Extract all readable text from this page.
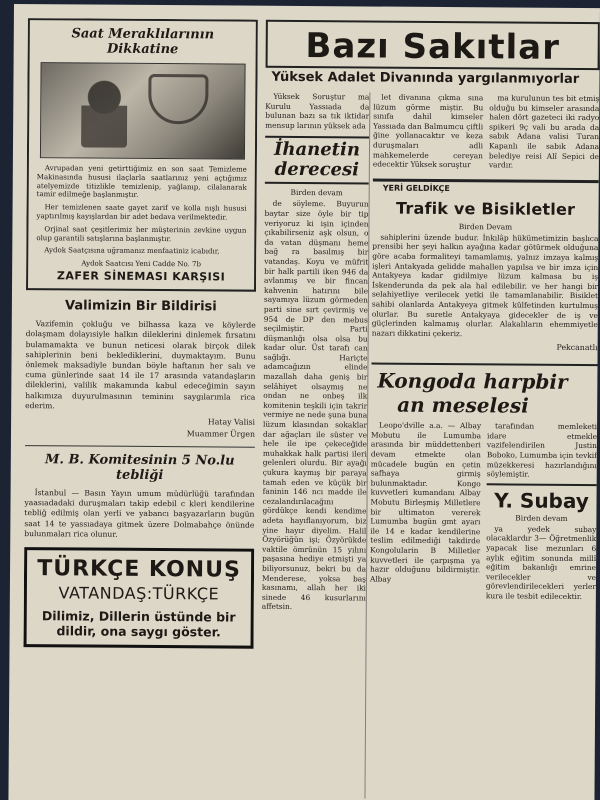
Saat Meraklılarının
Dikkatine

Avrupadan yeni getirttiğimiz en son saat Temizleme Makinasında hususi ilaçlarla saatlarınız yeni açtığımız atelyemizde titizlikle temizlenip, yağlanıp, cilalanarak tamir edilmeğe başlanmıştır.

Her temizlenen saate gayet zarif ve kolla nışlı hususi yaptırılmış kayışlardan bir adet bedava verilmektedir.

Orjinal saat çeşitlerimiz her müşterinin zevkine uygun olup garantili satışlarına başlanmıştır.

Aydok Saatçısına uğramanız menfaatiniz icabıdır,

Aydok Saatcısı Yeni Cadde No. 7b
ZAFER SİNEMASI KARŞISI
Valimizin Bir Bildirisi

Vazifemin çokluğu ve bilhassa kaza ve köylerde dolaşmam dolayısiyle halkın dileklerini dinlemek fırsatını bulamamakta ve bunun neticesi olarak birçok dilek sahiplerinin beni beklediklerini, duymaktayım. Bunu önlemek maksadiyle bundan böyle haftanın her salı ve cuma günlerinde saat 14 ile 17 arasında vatandaşların dileklerini, valilik makamında kabul edeceğimin sayın halkımıza duyurulmasının temininı saygılarımla rica ederim.

Hatay Valisi
Muammer Ürgen
M. B. Komitesinin 5 No.lu tebliği

İstanbul — Basın Yayın umum müdürlüğü tarafından yaasıadadaki duruşmaları takip edebil c kleri kendilerine tebliğ edilmiş olan yerli ve yabancı başyazarların bugün saat 14 te yassıadaya gitmek üzere Dolmabahçe önünde bulunmaları rica olunur.

TÜRKÇE KONUŞ
VATANDAŞ:TÜRKÇE
Dilimiz, Dillerin üstünde bir dildir, ona saygı göster.
Bazı Sakıtlar
Yüksek Adalet Divanında yargılanmıyorlar

Yüksek Soruştur ma Kurulu Yassıada da bulunan bazı sa tık iktidar mensup larının yüksek ada

İhanetin
derecesi
Birden devam

de söyleme. Buyurun baytar size öyle bir tip veriyoruz ki işin içinden çıkabilirseniz aşk olsun, o da vatan düşmanı heme bağ ra basılmış bir vatandaş. Koyu ve müfrit bir halk partili iken 946 da avlanmış ve bir fincan kahvenin hatırını bile sayamıya lüzum görmeden parti sine sırt çevirmiş ve 954 de DP den mebus seçilmiştir. Parti düşmanlığı olsa olsa bu kadar olur. Üst tarafı can sağlığı. Hariçte adamcağızın elinde mazallah daha geniş bir selâhiyet olsaymış ne ondan ne onbeş ilk komitenin teşkili için takrir vermiye ne nede şuna buna lüzum klasından sokaklar dar ağaçları ile süster ve hele ile ipe çekeceğide muhakkak halk partisi ileri gelenleri olurdu. Bir ayağı çukura kaymış bir paraya tamah eden ve küçük bir faninin 146 ncı madde ile cezalandırılacağını gördükçe kendi kendime adeta hayıflanıyorum, biz yine hayır diyelim. Halil Özyörüğün işi; Özyörükde vaktile ömrünün 15 yılını paşasına hediye etmişti ya biliyorsunuz, bekri bu da Menderese, yoksa baş kasınamı, allah her iki sinede 46 kusurlarını affetsin.

let divanına çıkma sına lüzum görme miştir. Bu sınıfa dahil kimseler Yassıada dan Balmumcu çiftli ğine yollanacaktır ve keza duruşmaları adli mahkemelerde cereyan edecektir Yüksek soruştur

ma kurulunun tes bit etmiş olduğu bu kimseler arasında halen dört gazeteci iki radyo spikeri 9ç vali bu arada da sabık Adana valisi Turan Kapanlı ile sabık Adana belediye reisi Alî Sepici de vardır.

YERİ GELDİKÇE
Trafik ve Bisikletler
Birden Devam

sahiplerini üzende budur. İnkılâp hükümetimizin başlıca prensibi her şeyi halkın ayağına kadar götürmek olduğuna göre acaba formaliteyi tamamlamış, yalnız imzaya kalmış işleri Antakyada gelidde mahallen yapılsa ve bir imza için Antakyeya kadar gidilmiye lüzum kalmasa bu iş İskenderunda da pek ala hal edilebilir. ve her hangi bir selahiyetliye verilecek yetki ile tamamlanabilir. Bisiklet sahibi olanlarda Antakyeya gitmek külfetinden kurtulmuş olurlar. Bu suretle Antakyaya gidecekler de iş ve güçlerinden kalmamış olurlar. Alakalıların ehemmiyetle nazarı dikkatini çekeriz.

Pekcanatlı
Kongoda harpbir
an meselesi

Leopo'dville a.a. — Albay Mobutu ile Lumumba arasında bir müddettenberi devam etmekte olan mücadele bugün en çetin safhaya girmiş bulunmaktadır. Kongo kuvvetleri kumandanı Albay Mobutu Birleşmiş Milletlere bir ultimaton vererek Lumumba bugün gmt ayarı ile 14 e kadar kendilerine teslim edilmediği takdirde Kongolularin B Milletler kuvvetleri ile çarpışma ya hazır olduğunu bildirmiştir. Albay

tarafından memleketi idare etmekle vazifelendirilen Justin Boboko, Lumumba için tevkif müzekkeresi hazırlandığını söylemiştir.

Y. Subay
Birden devam

ya yedek subay olacaklardır 3— Öğretmenlik yapacak lise mezunları 6 aylık eğitim sonunda millî eğitim bakanlığı emrine verilecekler ve görevlendirilecekleri yerler kura ile tesbit edilecektir.
